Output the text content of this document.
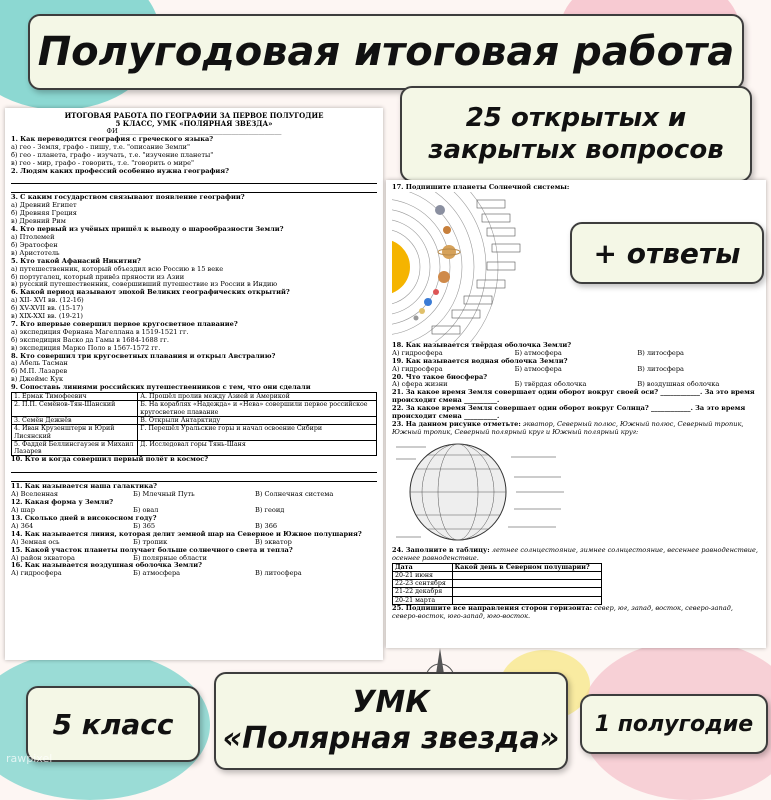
Полугодовая итоговая работа
ИТОГОВАЯ РАБОТА ПО ГЕОГРАФИИ ЗА ПЕРВОЕ ПОЛУГОДИЕ
5 КЛАСС, УМК «ПОЛЯРНАЯ ЗВЕЗДА»
ФИ _________________________________________________
1. Как переводится география с греческого языка?
а) гео - Земля, графо - пишу, т.е. "описание Земли"
б) гео - планета, графо - изучать, т.е. "изучение планеты"
в) гео - мир, графо - говорить, т.е. "говорить о мире"
2. Людям каких профессий особенно нужна география?
3. С каким государством связывают появление географии?
а) Древний Египет
б) Древняя Греция
в) Древний Рим
4. Кто первый из учёных пришёл к выводу о шарообразности Земли?
а) Птолемей
б) Эратосфен
в) Аристотель
5. Кто такой Афанасий Никитин?
а) путешественник, который объездил всю Россию в 15 веке
б) португалец, который привёз пряности из Азии
в) русский путешественник, совершивший путешествие из России в Индию
6. Какой период называют эпохой Великих географических открытий?
а) XII- XVI вв. (12-16)
б) XV-XVII вв. (15-17)
в) XIX-XXI вв. (19-21)
7. Кто впервые совершил первое кругосветное плавание?
а) экспедиция Фернана Магеллана в 1519-1521 гг.
б) экспедиция Васко да Гамы в 1684-1688 гг.
в) экспедиция Марко Поло в 1567-1572 гг.
8. Кто совершил три кругосветных плавания и открыл Австралию?
а) Абель Тасман
б) М.П. Лазарев
в) Джеймс Кук
9. Сопоставь линиями российских путешественников с тем, что они сделали
1. Ермак Тимофеевич	А. Прошёл пролив между Азией и Америкой
2. П.П. Семёнов-Тян-Шанский	Б. На кораблях «Надежда» и «Нева» совершили первое российское кругосветное плавание
3. Семён Дежнёв	В. Открыли Антарктиду
4. Иван Крузенштерн и Юрий Лисянский	Г. Перешёл Уральские горы и начал освоение Сибири
5. Фаддей Беллинсгаузен и Михаил Лазарев	Д. Исследовал горы Тянь-Шаня
10. Кто и когда совершил первый полёт в космос?
11. Как называется наша галактика?
А) Вселенная	Б) Млечный Путь	В) Солнечная система
12. Какая форма у Земли?
А) шар	Б) овал	В) геоид
13. Сколько дней в високосном году?
А) 364	Б) 365	В) 366
14. Как называется линия, которая делит земной шар на Северное и Южное полушария?
А) Земная ось	Б) тропик	В) экватор
15. Какой участок планеты получает больше солнечного света и тепла?
А) район экватора	Б) полярные области
16. Как называется воздушная оболочка Земли?
А) гидросфера	Б) атмосфера	В) литосфера
25 открытых и
закрытых вопросов
17. Подпишите планеты Солнечной системы:
18. Как называется твёрдая оболочка Земли?
А) гидросфера	Б) атмосфера	В) литосфера
19. Как называется водная оболочка Земли?
А) гидросфера	Б) атмосфера	В) литосфера
20. Что такое биосфера?
А) сфера жизни	Б) твёрдая оболочка	В) воздушная оболочка
21. За какое время Земля совершает один оборот вокруг своей оси? ____________. За это время происходит смена __________.
22. За какое время Земля совершает один оборот вокруг Солнца? ____________. За это время происходит смена __________.
23. На данном рисунке отметьте: экватор, Северный полюс, Южный полюс, Северный тропик, Южный тропик, Северный полярный круг и Южный полярный круг:
24. Заполните в таблицу: летнее солнцестояние, зимнее солнцестояние, весеннее равноденствие, осеннее равноденствие.
Дата	Какой день в Северном полушарии?
20-21 июня	
22-23 сентября	
21-22 декабря	
20-21 марта	
25. Подпишите все направления сторон горизонта: север, юг, запад, восток, северо-запад, северо-восток, юго-запад, юго-восток.
+ ответы
5 класс
УМК
«Полярная звезда» 1 полугодие
rawpixel
